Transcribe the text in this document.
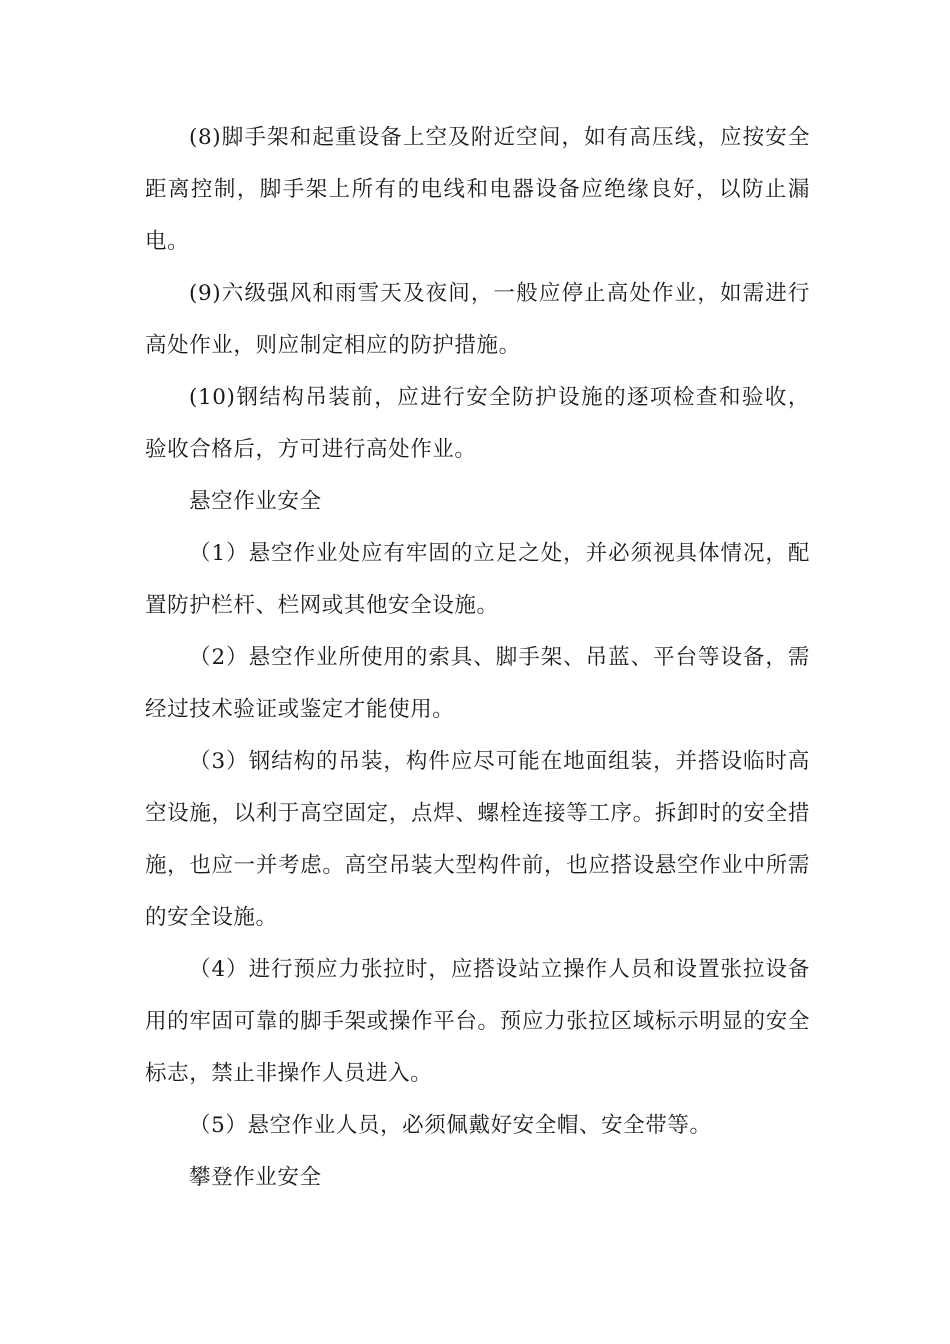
(8)脚手架和起重设备上空及附近空间，如有高压线，应按安全距离控制，脚手架上所有的电线和电器设备应绝缘良好，以防止漏电。

(9)六级强风和雨雪天及夜间，一般应停止高处作业，如需进行高处作业，则应制定相应的防护措施。

(10)钢结构吊装前，应进行安全防护设施的逐项检查和验收，验收合格后，方可进行高处作业。

悬空作业安全

（1）悬空作业处应有牢固的立足之处，并必须视具体情况，配置防护栏杆、栏网或其他安全设施。

（2）悬空作业所使用的索具、脚手架、吊蓝、平台等设备，需经过技术验证或鉴定才能使用。

（3）钢结构的吊装，构件应尽可能在地面组装，并搭设临时高空设施，以利于高空固定，点焊、螺栓连接等工序。拆卸时的安全措施，也应一并考虑。高空吊装大型构件前，也应搭设悬空作业中所需的安全设施。

（4）进行预应力张拉时，应搭设站立操作人员和设置张拉设备用的牢固可靠的脚手架或操作平台。预应力张拉区域标示明显的安全标志，禁止非操作人员进入。

（5）悬空作业人员，必须佩戴好安全帽、安全带等。

攀登作业安全
